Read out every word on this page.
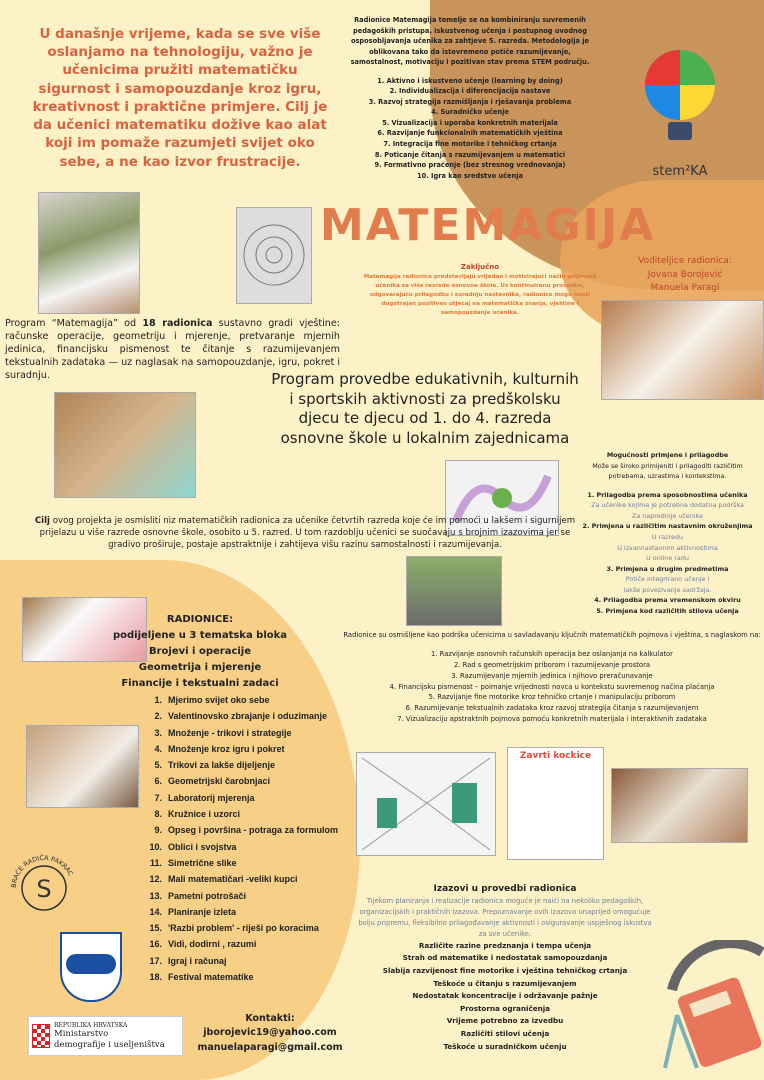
U današnje vrijeme, kada se sve više oslanjamo na tehnologiju, važno je učenicima pružiti matematičku sigurnost i samopouzdanje kroz igru, kreativnost i praktične primjere. Cilj je da učenici matematiku dožive kao alat koji im pomaže razumjeti svijet oko sebe, a ne kao izvor frustracije.
Radionice Matemagija temelje se na kombiniranju suvremenih pedagoških pristupa, iskustvenog učenja i postupnog uvodnog osposobljavanja učenika za zahtjeve 5. razreda. Metodologija je oblikovana tako da istovremeno potiče razumijevanje, samostalnost, motivaciju i pozitivan stav prema STEM području.
1. Aktivno i iskustveno učenje (learning by doing)
2. Individualizacija i diferencijacija nastave
3. Razvoj strategija razmišljanja i rješavanja problema
4. Suradničko učenje
5. Vizualizacija i uporaba konkretnih materijala
6. Razvijanje funkcionalnih matematičkih vještina
7. Integracija fine motorike i tehničkog crtanja
8. Poticanje čitanja s razumijevanjem u matematici
9. Formativno praćenje (bez stresnog vrednovanja)
10. Igra kao sredstvo učenja	stem²KA
MATEMAGIJA
Voditeljice radionica:
Jovana Borojević
Manuela Paragi
Zaključno
Matemagija radionice predstavljaju vrijedan i motivirajući način pripreme učenika za više razrede osnovne škole. Uz kontinuiranu provedbu, odgovarajuću prilagodbu i suradnju nastavnika, radionice mogu imati dugotrajan pozitivan utjecaj na matematička znanja, vještine i samopouzdanje učenika.
Program “Matemagija” od 18 radionica sustavno gradi vještine: računske operacije, geometriju i mjerenje, pretvaranje mjernih jedinica, financijsku pismenost te čitanje s razumijevanjem tekstualnih zadataka — uz naglasak na samopouzdanje, igru, pokret i suradnju.	Program provedbe edukativnih, kulturnih i sportskih aktivnosti za predškolsku djecu te djecu od 1. do 4. razreda osnovne škole u lokalnim zajednicama
Cilj ovog projekta je osmisliti niz matematičkih radionica za učenike četvrtih razreda koje će im pomoći u lakšem i sigurnijem prijelazu u više razrede osnovne škole, osobito u 5. razred. U tom razdoblju učenici se suočavaju s brojnim izazovima jer se gradivo proširuje, postaje apstraktnije i zahtijeva višu razinu samostalnosti i razumijevanja.
Mogućnosti primjene i prilagodbe
Može se široko primijeniti i prilagoditi različitim potrebama, uzrastima i kontekstima.
1. Prilagodba prema sposobnostima učenika
Za učenike kojima je potrebna dodatna podrška
Za naprednije učenike
2. Primjena u različitim nastavnim okruženjima
U razredu
U izvannastavnim aktivnostima
U online radu
3. Primjena u drugim predmetima
Potiče integrirano učenje i
lakše povezivanje sadržaja.
4. Prilagodba prema vremenskom okviru
5. Primjena kod različitih stilova učenja
RADIONICE:
podijeljene u 3 tematska bloka
Brojevi i operacije
Geometrija i mjerenje
Financije i tekstualni zadaci
1. Mjerimo svijet oko sebe
2. Valentinovsko zbrajanje i oduzimanje
3. Množenje - trikovi i strategije
4. Množenje kroz igru i pokret
5. Trikovi za lakše dijeljenje
6. Geometrijski čarobnjaci
7. Laboratorij mjerenja
8. Kružnice i uzorci
9. Opseg i površina - potraga za formulom
10. Oblici i svojstva
11. Simetrične slike
12. Mali matematičari -veliki kupci
13. Pametni potrošači
14. Planiranje izleta
15. 'Razbi problem' - riješi po koracima
16. Vidi, dodirni , razumi
17. Igraj i računaj
18. Festival matematike
Radionice su osmišljene kao podrška učenicima u savladavanju ključnih matematičkih pojmova i vještina, s naglaskom na:
1. Razvijanje osnovnih računskih operacija bez oslanjanja na kalkulator
2. Rad s geometrijskim priborom i razumijevanje prostora
3. Razumijevanje mjernih jedinica i njihovo preračunavanje
4. Financijsku pismenost – poimanje vrijednosti novca u kontekstu suvremenog načina plaćanja
5. Razvijanje fine motorike kroz tehničko crtanje i manipulaciju priborom
6. Razumijevanje tekstualnih zadataka kroz razvoj strategija čitanja s razumijevanjem
7. Vizualizaciju apstraktnih pojmova pomoću konkretnih materijala i interaktivnih zadataka
Zavrti kockice
S
BRAĆE RADIĆA PAKRAC
Izazovi u provedbi radionica
Tijekom planiranja i realizacije radionica moguće je naići na nekoliko pedagoških, organizacijskih i praktičnih izazova. Prepoznavanje ovih izazova unaprijed omogućuje bolju pripremu, fleksibilno prilagođavanje aktivnosti i osiguravanje uspješnog iskustva za sve učenike.
Različite razine predznanja i tempa učenja
Strah od matematike i nedostatak samopouzdanja
Slabija razvijenost fine motorike i vještina tehničkog crtanja
Teškoće u čitanju s razumijevanjem
Nedostatak koncentracije i održavanje pažnje
Prostorna ograničenja
Vrijeme potrebno za izvedbu
Različiti stilovi učenja
Teškoće u suradničkom učenju
REPUBLIKA HRVATSKA
Ministarstvo
demografije i useljeništva
Kontakti:
jborojevic19@yahoo.com
manuelaparagi@gmail.com
